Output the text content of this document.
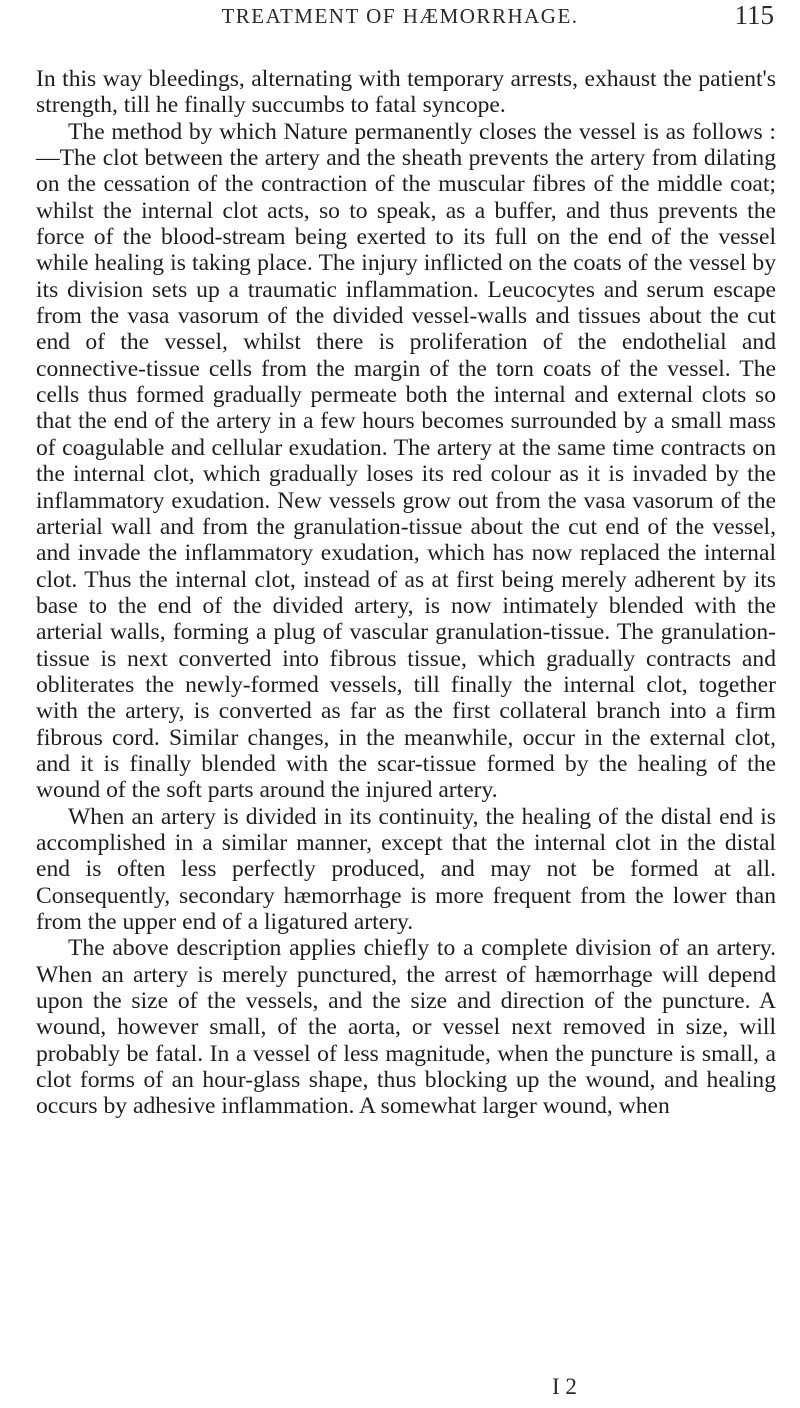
TREATMENT OF HÆMORRHAGE.	115

In this way bleedings, alternating with temporary arrests, exhaust the patient's strength, till he finally succumbs to fatal syncope.

The method by which Nature permanently closes the vessel is as follows :—The clot between the artery and the sheath prevents the artery from dilating on the cessation of the contraction of the muscular fibres of the middle coat; whilst the internal clot acts, so to speak, as a buffer, and thus prevents the force of the blood-stream being exerted to its full on the end of the vessel while healing is taking place. The injury inflicted on the coats of the vessel by its division sets up a traumatic inflammation. Leucocytes and serum escape from the vasa vasorum of the divided vessel-walls and tissues about the cut end of the vessel, whilst there is proliferation of the endothelial and connective-tissue cells from the margin of the torn coats of the vessel. The cells thus formed gradually permeate both the internal and external clots so that the end of the artery in a few hours becomes surrounded by a small mass of coagulable and cellular exudation. The artery at the same time contracts on the internal clot, which gradually loses its red colour as it is invaded by the inflammatory exudation. New vessels grow out from the vasa vasorum of the arterial wall and from the granulation-tissue about the cut end of the vessel, and invade the inflammatory exudation, which has now replaced the internal clot. Thus the internal clot, instead of as at first being merely adherent by its base to the end of the divided artery, is now intimately blended with the arterial walls, forming a plug of vascular granulation-tissue. The granulation-tissue is next converted into fibrous tissue, which gradually contracts and obliterates the newly-formed vessels, till finally the internal clot, together with the artery, is converted as far as the first collateral branch into a firm fibrous cord. Similar changes, in the meanwhile, occur in the external clot, and it is finally blended with the scar-tissue formed by the healing of the wound of the soft parts around the injured artery.

When an artery is divided in its continuity, the healing of the distal end is accomplished in a similar manner, except that the internal clot in the distal end is often less perfectly produced, and may not be formed at all. Consequently, secondary hæmorrhage is more frequent from the lower than from the upper end of a ligatured artery.

The above description applies chiefly to a complete division of an artery. When an artery is merely punctured, the arrest of hæmorrhage will depend upon the size of the vessels, and the size and direction of the puncture. A wound, however small, of the aorta, or vessel next removed in size, will probably be fatal. In a vessel of less magnitude, when the puncture is small, a clot forms of an hour-glass shape, thus blocking up the wound, and healing occurs by adhesive inflammation. A somewhat larger wound, when

I 2
